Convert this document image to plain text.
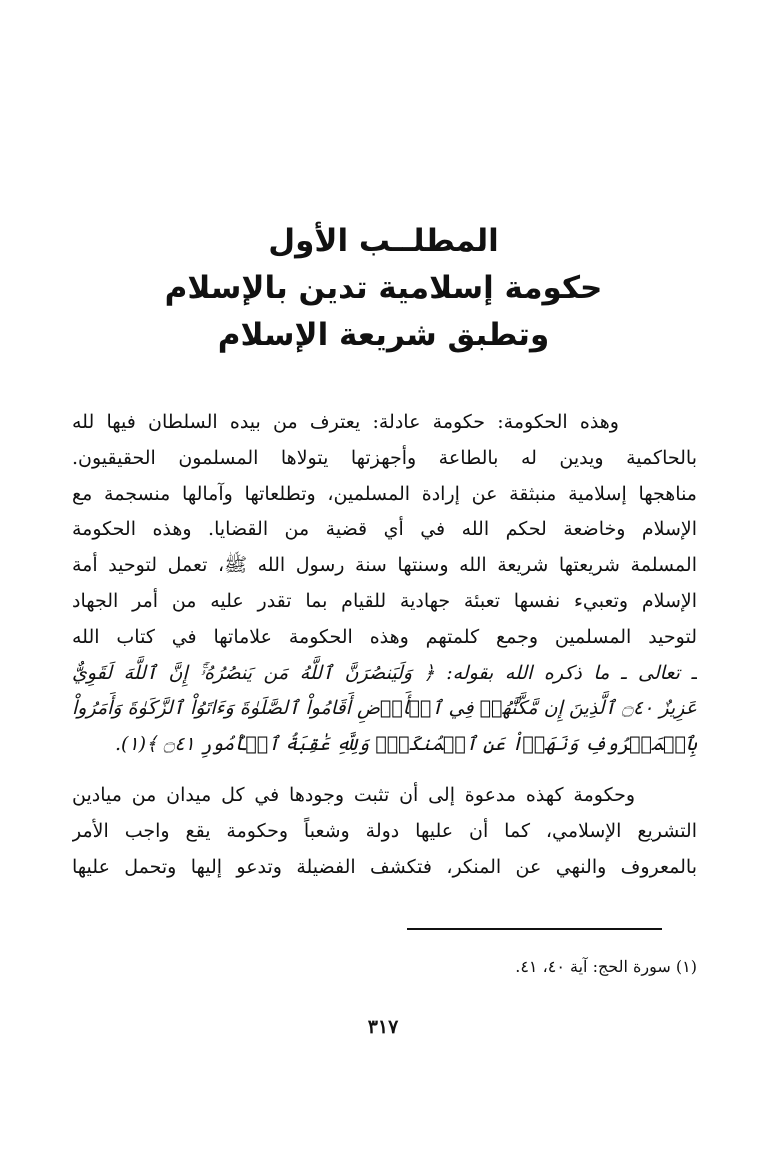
المطلــب الأول
حكومة إسلامية تدين بالإسلام
وتطبق شريعة الإسلام
وهذه الحكومة: حكومة عادلة: يعترف من بيده السلطان فيها لله
بالحاكمية ويدين له بالطاعة وأجهزتها يتولاها المسلمون الحقيقيون.
مناهجها إسلامية منبثقة عن إرادة المسلمين، وتطلعاتها وآمالها منسجمة مع
الإسلام وخاضعة لحكم الله في أي قضية من القضايا. وهذه الحكومة
المسلمة شريعتها شريعة الله وسنتها سنة رسول الله ﷺ، تعمل لتوحيد أمة
الإسلام وتعبيء نفسها تعبئة جهادية للقيام بما تقدر عليه من أمر الجهاد
لتوحيد المسلمين وجمع كلمتهم وهذه الحكومة علاماتها في كتاب الله
ـ تعالى ـ ما ذكره الله بقوله: ﴿ وَلَيَنصُرَنَّ ٱللَّهُ مَن يَنصُرُهُۥٓۚ إِنَّ ٱللَّهَ لَقَوِيٌّ
عَزِيزٌ ۝٤٠ ٱلَّذِينَ إِن مَّكَّنَّٰهُمۡ فِي ٱلۡأَرۡضِ أَقَامُواْ ٱلصَّلَوٰةَ وَءَاتَوُاْ ٱلزَّكَوٰةَ وَأَمَرُواْ
بِٱلۡمَعۡرُوفِ وَنَهَوۡاْ عَنِ ٱلۡمُنكَرِۗ وَلِلَّهِ عَٰقِبَةُ ٱلۡأُمُورِ ۝٤١ ﴾(١).
وحكومة كهذه مدعوة إلى أن تثبت وجودها في كل ميدان من ميادين
التشريع الإسلامي، كما أن عليها دولة وشعباً وحكومة يقع واجب الأمر
بالمعروف والنهي عن المنكر، فتكشف الفضيلة وتدعو إليها وتحمل عليها
(١) سورة الحج: آية ٤٠، ٤١.
٣١٧
